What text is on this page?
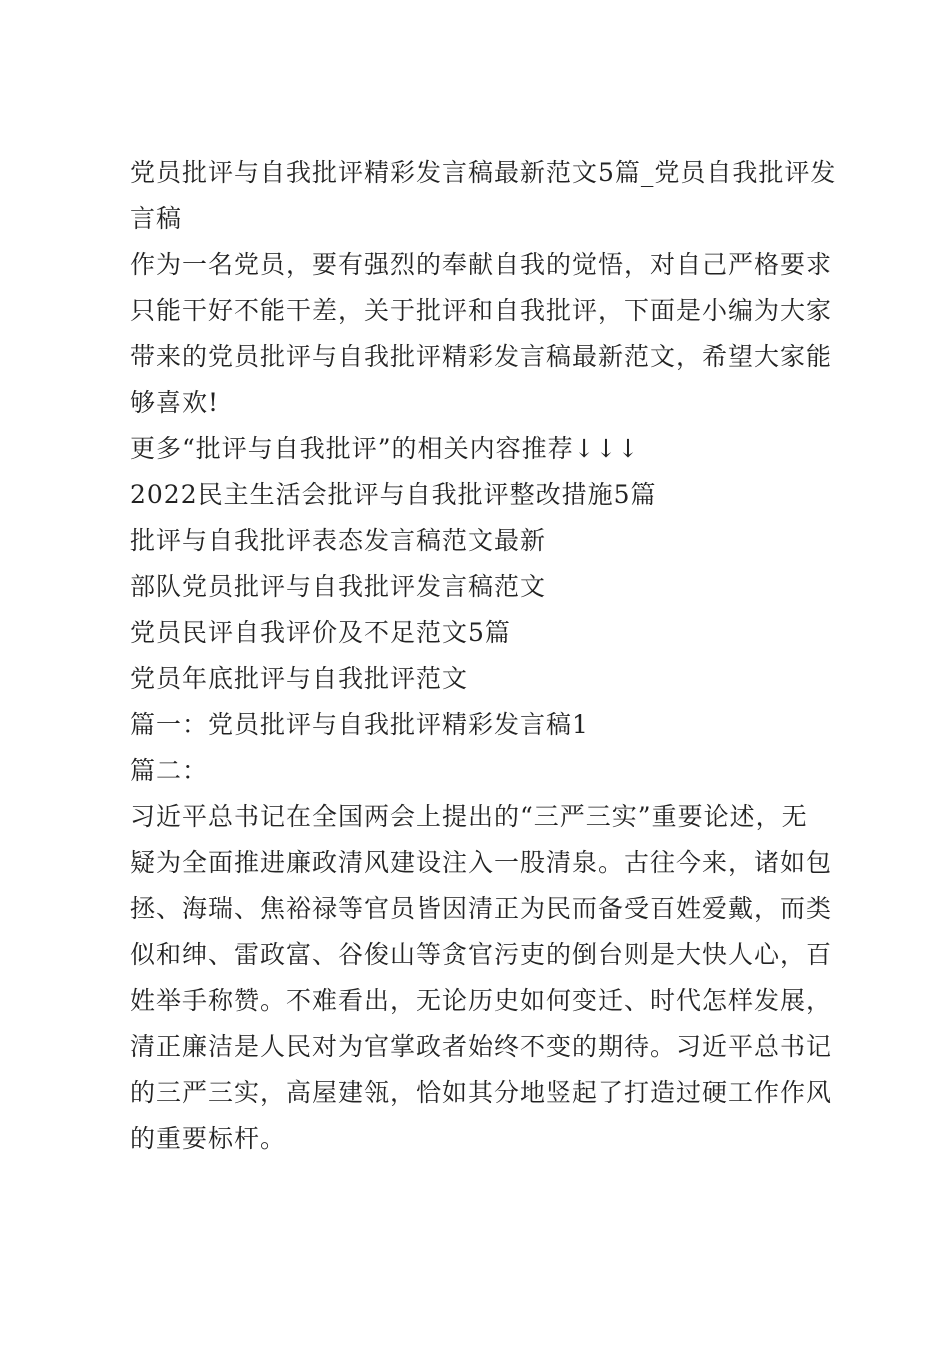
党员批评与自我批评精彩发言稿最新范文5篇_党员自我批评发
言稿
作为一名党员，要有强烈的奉献自我的觉悟，对自己严格要求
只能干好不能干差，关于批评和自我批评，下面是小编为大家
带来的党员批评与自我批评精彩发言稿最新范文，希望大家能
够喜欢!
更多“批评与自我批评”的相关内容推荐↓↓↓
2022民主生活会批评与自我批评整改措施5篇
批评与自我批评表态发言稿范文最新
部队党员批评与自我批评发言稿范文
党员民评自我评价及不足范文5篇
党员年底批评与自我批评范文
篇一：党员批评与自我批评精彩发言稿1
篇二：
习近平总书记在全国两会上提出的“三严三实”重要论述，无
疑为全面推进廉政清风建设注入一股清泉。古往今来，诸如包
拯、海瑞、焦裕禄等官员皆因清正为民而备受百姓爱戴，而类
似和绅、雷政富、谷俊山等贪官污吏的倒台则是大快人心，百
姓举手称赞。不难看出，无论历史如何变迁、时代怎样发展，
清正廉洁是人民对为官掌政者始终不变的期待。习近平总书记
的三严三实，高屋建瓴，恰如其分地竖起了打造过硬工作作风
的重要标杆。
